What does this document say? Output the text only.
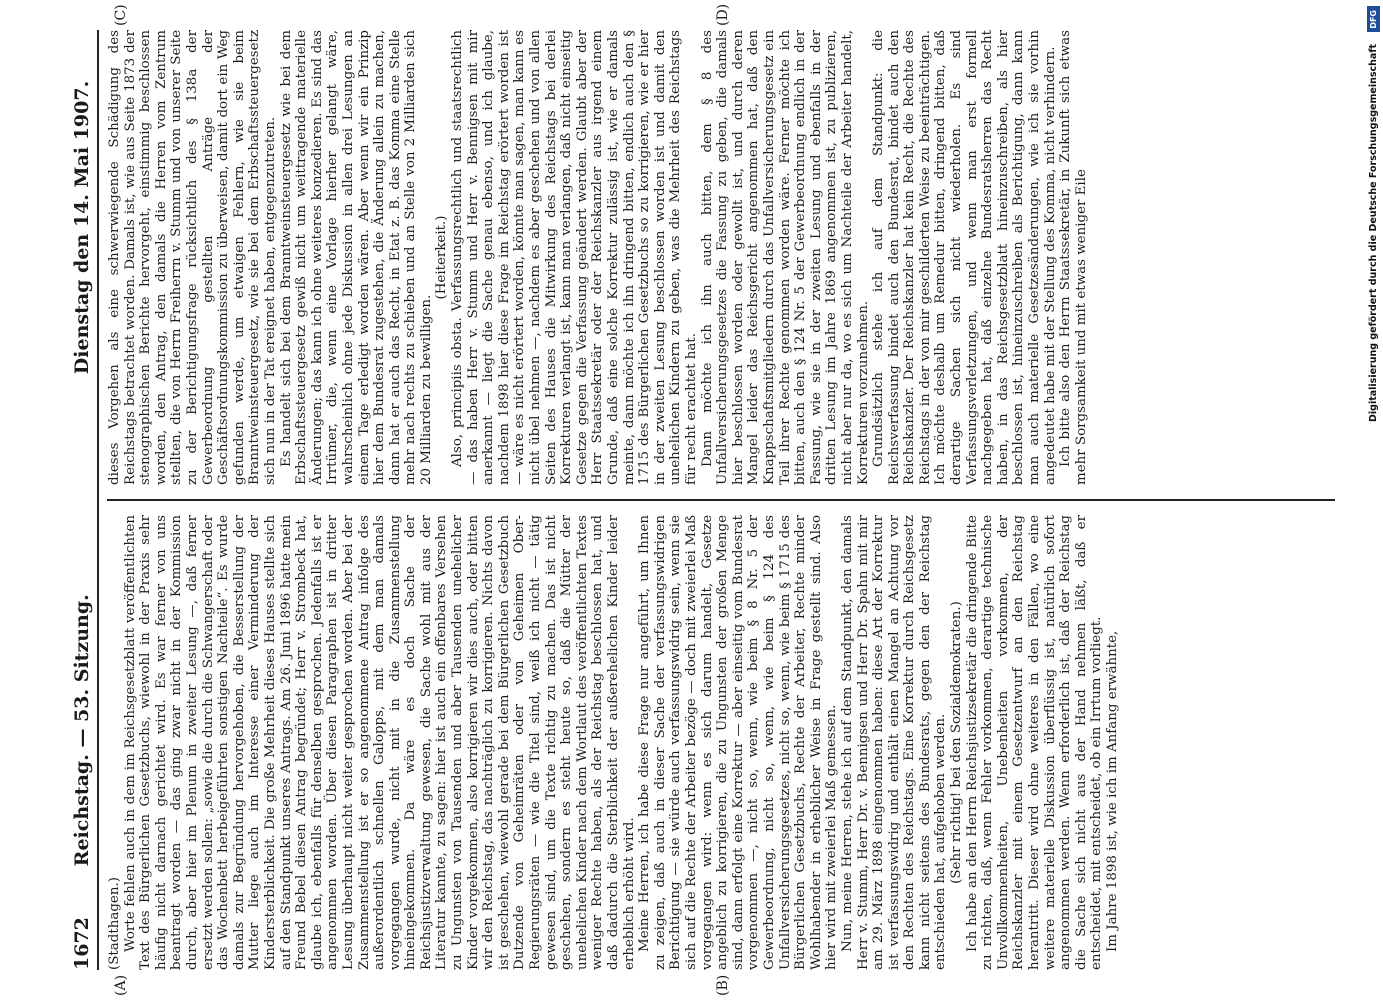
1672
Reichstag. — 53. Sitzung.
Dienstag den 14. Mai 1907.
(A)	(B)
(C)	(D)

(Stadthagen.) Worte fehlen auch in dem im Reichsgesetzblatt veröffentlichten Text des Bürgerlichen Gesetzbuchs, wiewohl in der Praxis sehr häufig nicht darnach gerichtet wird. Es war ferner von uns beantragt worden — das ging zwar nicht in der Kommission durch, aber hier im Plenum in zweiter Lesung —, daß ferner ersetzt werden sollen: „sowie die durch die Schwangerschaft oder das Wochenbett herbeigeführten sonstigen Nachteile“. Es wurde damals zur Begründung hervorgehoben, die Besserstellung der Mutter liege auch im Interesse einer Verminderung der Kindersterblichkeit. Die große Mehrheit dieses Hauses stellte sich auf den Standpunkt unseres Antrags. Am 26. Juni 1896 hatte mein Freund Bebel diesen Antrag begründet; Herr v. Strombeck hat, glaube ich, ebenfalls für denselben gesprochen. Jedenfalls ist er angenommen worden. Über diesen Paragraphen ist in dritter Lesung überhaupt nicht weiter gesprochen worden. Aber bei der Zusammenstellung ist er so angenommene Antrag infolge des außerordentlich schnellen Galopps, mit dem man damals vorgegangen wurde, nicht mit in die Zusammenstellung hineingekommen. Da wäre es doch Sache der Reichsjustizverwaltung gewesen, die Sache wohl mit aus der Literatur kannte, zu sagen: hier ist auch ein offenbares Versehen zu Ungunsten von Tausenden und aber Tausenden unehelicher Kinder vorgekommen, also korrigieren wir dies auch, oder bitten wir den Reichstag, das nachträglich zu korrigieren. Nichts davon ist geschehen, wiewohl gerade bei dem Bürgerlichen Gesetzbuch Dutzende von Geheimräten oder von Geheimen Ober-Regierungsräten — wie die Titel sind, weiß ich nicht — tätig gewesen sind, um die Texte richtig zu machen. Das ist nicht geschehen, sondern es steht heute so, daß die Mütter der unehelichen Kinder nach dem Wortlaut des veröffentlichten Textes weniger Rechte haben, als der Reichstag beschlossen hat, und daß dadurch die Sterblichkeit der außerehelichen Kinder leider erheblich erhöht wird. Meine Herren, ich habe diese Frage nur angeführt, um Ihnen zu zeigen, daß auch in dieser Sache der verfassungswidrigen Berichtigung — sie würde auch verfassungswidrig sein, wenn sie sich auf die Rechte der Arbeiter bezöge — doch mit zweierlei Maß vorgegangen wird: wenn es sich darum handelt, Gesetze angeblich zu korrigieren, die zu Ungunsten der großen Menge sind, dann erfolgt eine Korrektur — aber einseitig vom Bundesrat vorgenommen —, nicht so, wenn, wie beim § 8 Nr. 5 der Gewerbeordnung, nicht so, wenn, wie beim § 124 des Unfallversicherungsgesetzes, nicht so, wenn, wie beim § 1715 des Bürgerlichen Gesetzbuchs, Rechte der Arbeiter, Rechte minder Wohlhabender in erheblicher Weise in Frage gestellt sind. Also hier wird mit zweierlei Maß gemessen. Nun, meine Herren, stehe ich auf dem Standpunkt, den damals Herr v. Stumm, Herr Dr. v. Bennigsen und Herr Dr. Spahn mit mir am 29. März 1898 eingenommen haben: diese Art der Korrektur ist verfassungswidrig und enthält einen Mangel an Achtung vor den Rechten des Reichstags. Eine Korrektur durch Reichsgesetz kann nicht seitens des Bundesrats, gegen den der Reichstag entschieden hat, aufgehoben werden. (Sehr richtig! bei den Sozialdemokraten.) Ich habe an den Herrn Reichsjustizsekretär die dringende Bitte zu richten, daß, wenn Fehler vorkommen, derartige technische Unvollkommenheiten, Unebenheiten vorkommen, der Reichskanzler mit einem Gesetzentwurf an den Reichstag herantritt. Dieser wird ohne weiteres in den Fällen, wo eine weitere materielle Diskussion überflüssig ist, natürlich sofort angenommen werden. Wenn erforderlich ist, daß der Reichstag die Sache sich nicht aus der Hand nehmen läßt, daß er entscheidet, mit entscheidet, ob ein Irrtum vorliegt. Im Jahre 1898 ist, wie ich im Anfang erwähnte,

dieses Vorgehen als eine schwerwiegende Schädigung des Reichstags betrachtet worden. Damals ist, wie aus Seite 1873 der stenographischen Berichte hervorgeht, einstimmig beschlossen worden, den Antrag, den damals die Herren vom Zentrum stellten, die von Herrn Freiherrn v. Stumm und von unserer Seite zu der Berichtigungsfrage rücksichtlich des § 138a der Gewerbeordnung gestellten Anträge der Geschäftsordnungskommission zu überweisen, damit dort ein Weg gefunden werde, um etwaigen Fehlern, wie sie beim Branntweinsteuergesetz, wie sie bei dem Erbschaftssteuergesetz sich nun in der Tat ereignet haben, entgegenzutreten. Es handelt sich bei dem Branntweinsteuergesetz wie bei dem Erbschaftssteuergesetz gewiß nicht um weittragende materielle Änderungen; das kann ich ohne weiteres konzedieren. Es sind das Irrtümer, die, wenn eine Vorlage hierher gelangt wäre, wahrscheinlich ohne jede Diskussion in allen drei Lesungen an einem Tage erledigt worden wären. Aber wenn wir ein Prinzip hier dem Bundesrat zugestehen, die Änderung allein zu machen, dann hat er auch das Recht, in Etat z. B. das Komma eine Stelle mehr nach rechts zu schieben und an Stelle von 2 Milliarden sich 20 Milliarden zu bewilligen.

(Heiterkeit.) Also, principiis obsta. Verfassungsrechtlich und staatsrechtlich — das haben Herr v. Stumm und Herr v. Bennigsen mit mir anerkannt — liegt die Sache genau ebenso, und ich glaube, nachdem 1898 hier diese Frage im Reichstag erörtert worden ist — wäre es nicht erörtert worden, könnte man sagen, man kann es nicht übel nehmen —, nachdem es aber geschehen und von allen Seiten des Hauses die Mitwirkung des Reichstags bei derlei Korrekturen verlangt ist, kann man verlangen, daß nicht einseitig Gesetze gegen die Verfassung geändert werden. Glaubt aber der Herr Staatssekretär oder der Reichskanzler aus irgend einem Grunde, daß eine solche Korrektur zulässig ist, wie er damals meinte, dann möchte ich ihn dringend bitten, endlich auch den § 1715 des Bürgerlichen Gesetzbuchs so zu korrigieren, wie er hier in der zweiten Lesung beschlossen worden ist und damit den unehelichen Kindern zu geben, was die Mehrheit des Reichstags für recht erachtet hat. Dann möchte ich ihn auch bitten, dem § 8 des Unfallversicherungsgesetzes die Fassung zu geben, die damals hier beschlossen worden oder gewollt ist, und durch deren Mangel leider das Reichsgericht angenommen hat, daß den Knappschaftsmitgliedern durch das Unfallversicherungsgesetz ein Teil ihrer Rechte genommen worden wäre. Ferner möchte ich bitten, auch den § 124 Nr. 5 der Gewerbeordnung endlich in der Fassung, wie sie in der zweiten Lesung und ebenfalls in der dritten Lesung im Jahre 1869 angenommen ist, zu publizieren, nicht aber nur da, wo es sich um Nachteile der Arbeiter handelt, Korrekturen vorzunehmen. Grundsätzlich stehe ich auf dem Standpunkt: die Reichsverfassung bindet auch den Bundesrat, bindet auch den Reichskanzler. Der Reichskanzler hat kein Recht, die Rechte des Reichstags in der von mir geschilderten Weise zu beeinträchtigen. Ich möchte deshalb um Remedur bitten, dringend bitten, daß derartige Sachen sich nicht wiederholen. Es sind Verfassungsverletzungen, und wenn man erst formell nachgegeben hat, daß einzelne Bundesratsherren das Recht haben, in das Reichsgesetzblatt hineinzuschreiben, als hier beschlossen ist, hineinzuschreiben als Berichtigung, dann kann man auch materielle Gesetzesänderungen, wie ich sie vorhin angedeutet habe mit der Stellung des Komma, nicht verhindern. Ich bitte also den Herrn Staatssekretär, in Zukunft sich etwas mehr Sorgsamkeit und mit etwas weniger Eile

DFG
Digitalisierung gefördert durch die Deutsche Forschungsgemeinschaft
